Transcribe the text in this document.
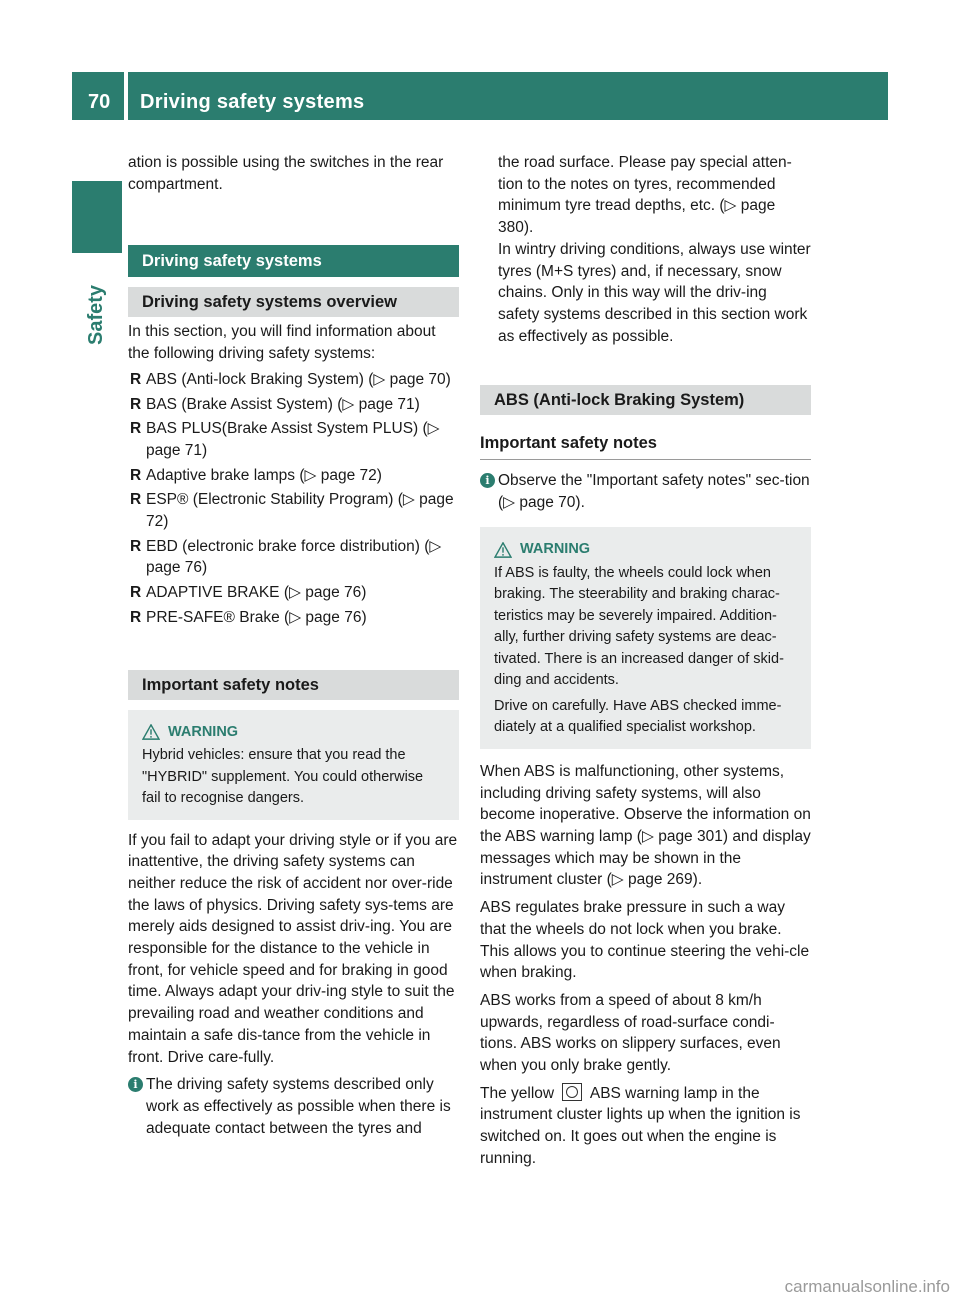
70 Driving safety systems
Safety

ation is possible using the switches in the rear compartment.

Driving safety systems
Driving safety systems overview

In this section, you will find information about the following driving safety systems:

R ABS (Anti-lock Braking System) (▷ page 70)
R BAS (Brake Assist System) (▷ page 71)
R BAS PLUS(Brake Assist System PLUS) (▷ page 71)
R Adaptive brake lamps (▷ page 72)
R ESP® (Electronic Stability Program) (▷ page 72)
R EBD (electronic brake force distribution) (▷ page 76)
R ADAPTIVE BRAKE (▷ page 76)
R PRE-SAFE® Brake (▷ page 76)
Important safety notes
WARNING

Hybrid vehicles: ensure that you read the "HYBRID" supplement. You could otherwise fail to recognise dangers.

If you fail to adapt your driving style or if you are inattentive, the driving safety systems can neither reduce the risk of accident nor over-ride the laws of physics. Driving safety sys-tems are merely aids designed to assist driv-ing. You are responsible for the distance to the vehicle in front, for vehicle speed and for braking in good time. Always adapt your driv-ing style to suit the prevailing road and weather conditions and maintain a safe dis-tance from the vehicle in front. Drive care-fully.

i The driving safety systems described only work as effectively as possible when there is adequate contact between the tyres and

the road surface. Please pay special atten-tion to the notes on tyres, recommended minimum tyre tread depths, etc. (▷ page 380).

In wintry driving conditions, always use winter tyres (M+S tyres) and, if necessary, snow chains. Only in this way will the driv-ing safety systems described in this section work as effectively as possible.

ABS (Anti-lock Braking System)
Important safety notes
i Observe the "Important safety notes" sec-tion (▷ page 70).

WARNING

If ABS is faulty, the wheels could lock when braking. The steerability and braking charac-teristics may be severely impaired. Addition-ally, further driving safety systems are deac-tivated. There is an increased danger of skid-ding and accidents.

Drive on carefully. Have ABS checked imme-diately at a qualified specialist workshop.

When ABS is malfunctioning, other systems, including driving safety systems, will also become inoperative. Observe the information on the ABS warning lamp (▷ page 301) and display messages which may be shown in the instrument cluster (▷ page 269).

ABS regulates brake pressure in such a way that the wheels do not lock when you brake. This allows you to continue steering the vehi-cle when braking.

ABS works from a speed of about 8 km/h upwards, regardless of road-surface condi-tions. ABS works on slippery surfaces, even when you only brake gently.

The yellow ABS warning lamp in the instrument cluster lights up when the ignition is switched on. It goes out when the engine is running.

carmanualsonline.info
